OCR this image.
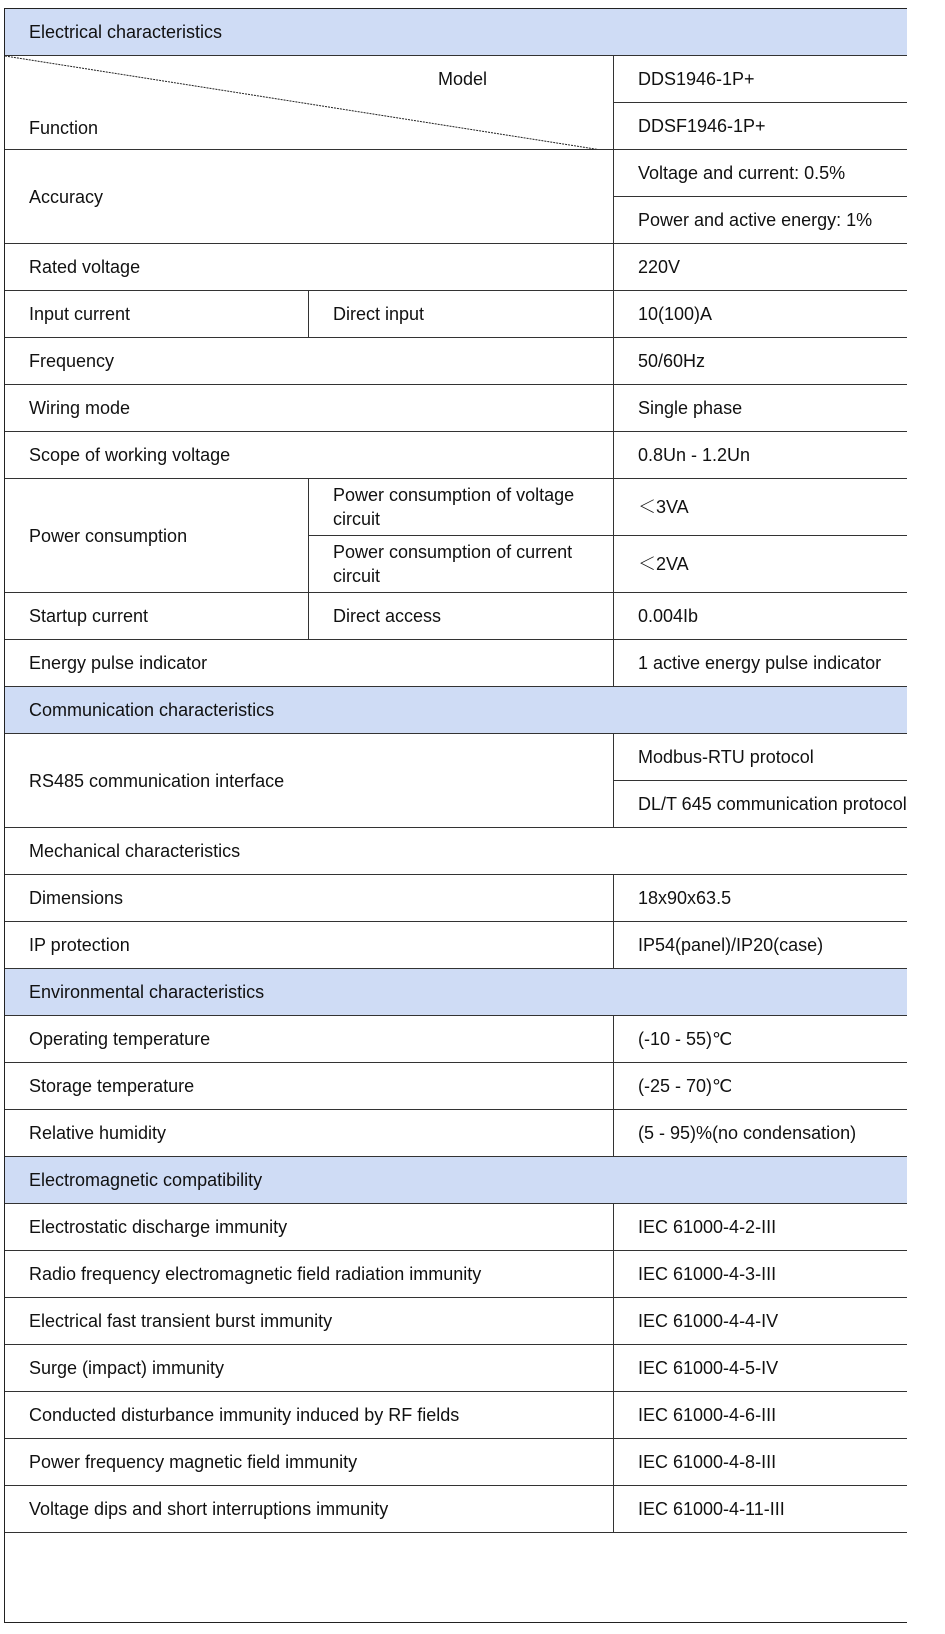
Electrical characteristics		

Model
Function		DDS1946-1P+
		DDSF1946-1P+
Accuracy		Voltage and current: 0.5%
		Power and active energy: 1%
Rated voltage		220V
Input current	Direct input	10(100)A
Frequency		50/60Hz
Wiring mode		Single phase
Scope of working voltage		0.8Un - 1.2Un
Power consumption	Power consumption of voltage circuit	＜3VA
	Power consumption of current circuit	＜2VA
Startup current	Direct access	0.004Ib
Energy pulse indicator		1 active energy pulse indicator
Communication characteristics		
RS485 communication interface		Modbus-RTU protocol
		DL/T 645 communication protocol
Mechanical characteristics		
Dimensions		18x90x63.5
IP protection		IP54(panel)/IP20(case)
Environmental characteristics		
Operating temperature		(-10 - 55)℃
Storage temperature		(-25 - 70)℃
Relative humidity		(5 - 95)%(no condensation)
Electromagnetic compatibility		
Electrostatic discharge immunity		IEC 61000-4-2-III
Radio frequency electromagnetic field radiation immunity		IEC 61000-4-3-III
Electrical fast transient burst immunity		IEC 61000-4-4-IV
Surge (impact) immunity		IEC 61000-4-5-IV
Conducted disturbance immunity induced by RF fields		IEC 61000-4-6-III
Power frequency magnetic field immunity		IEC 61000-4-8-III
Voltage dips and short interruptions immunity		IEC 61000-4-11-III
